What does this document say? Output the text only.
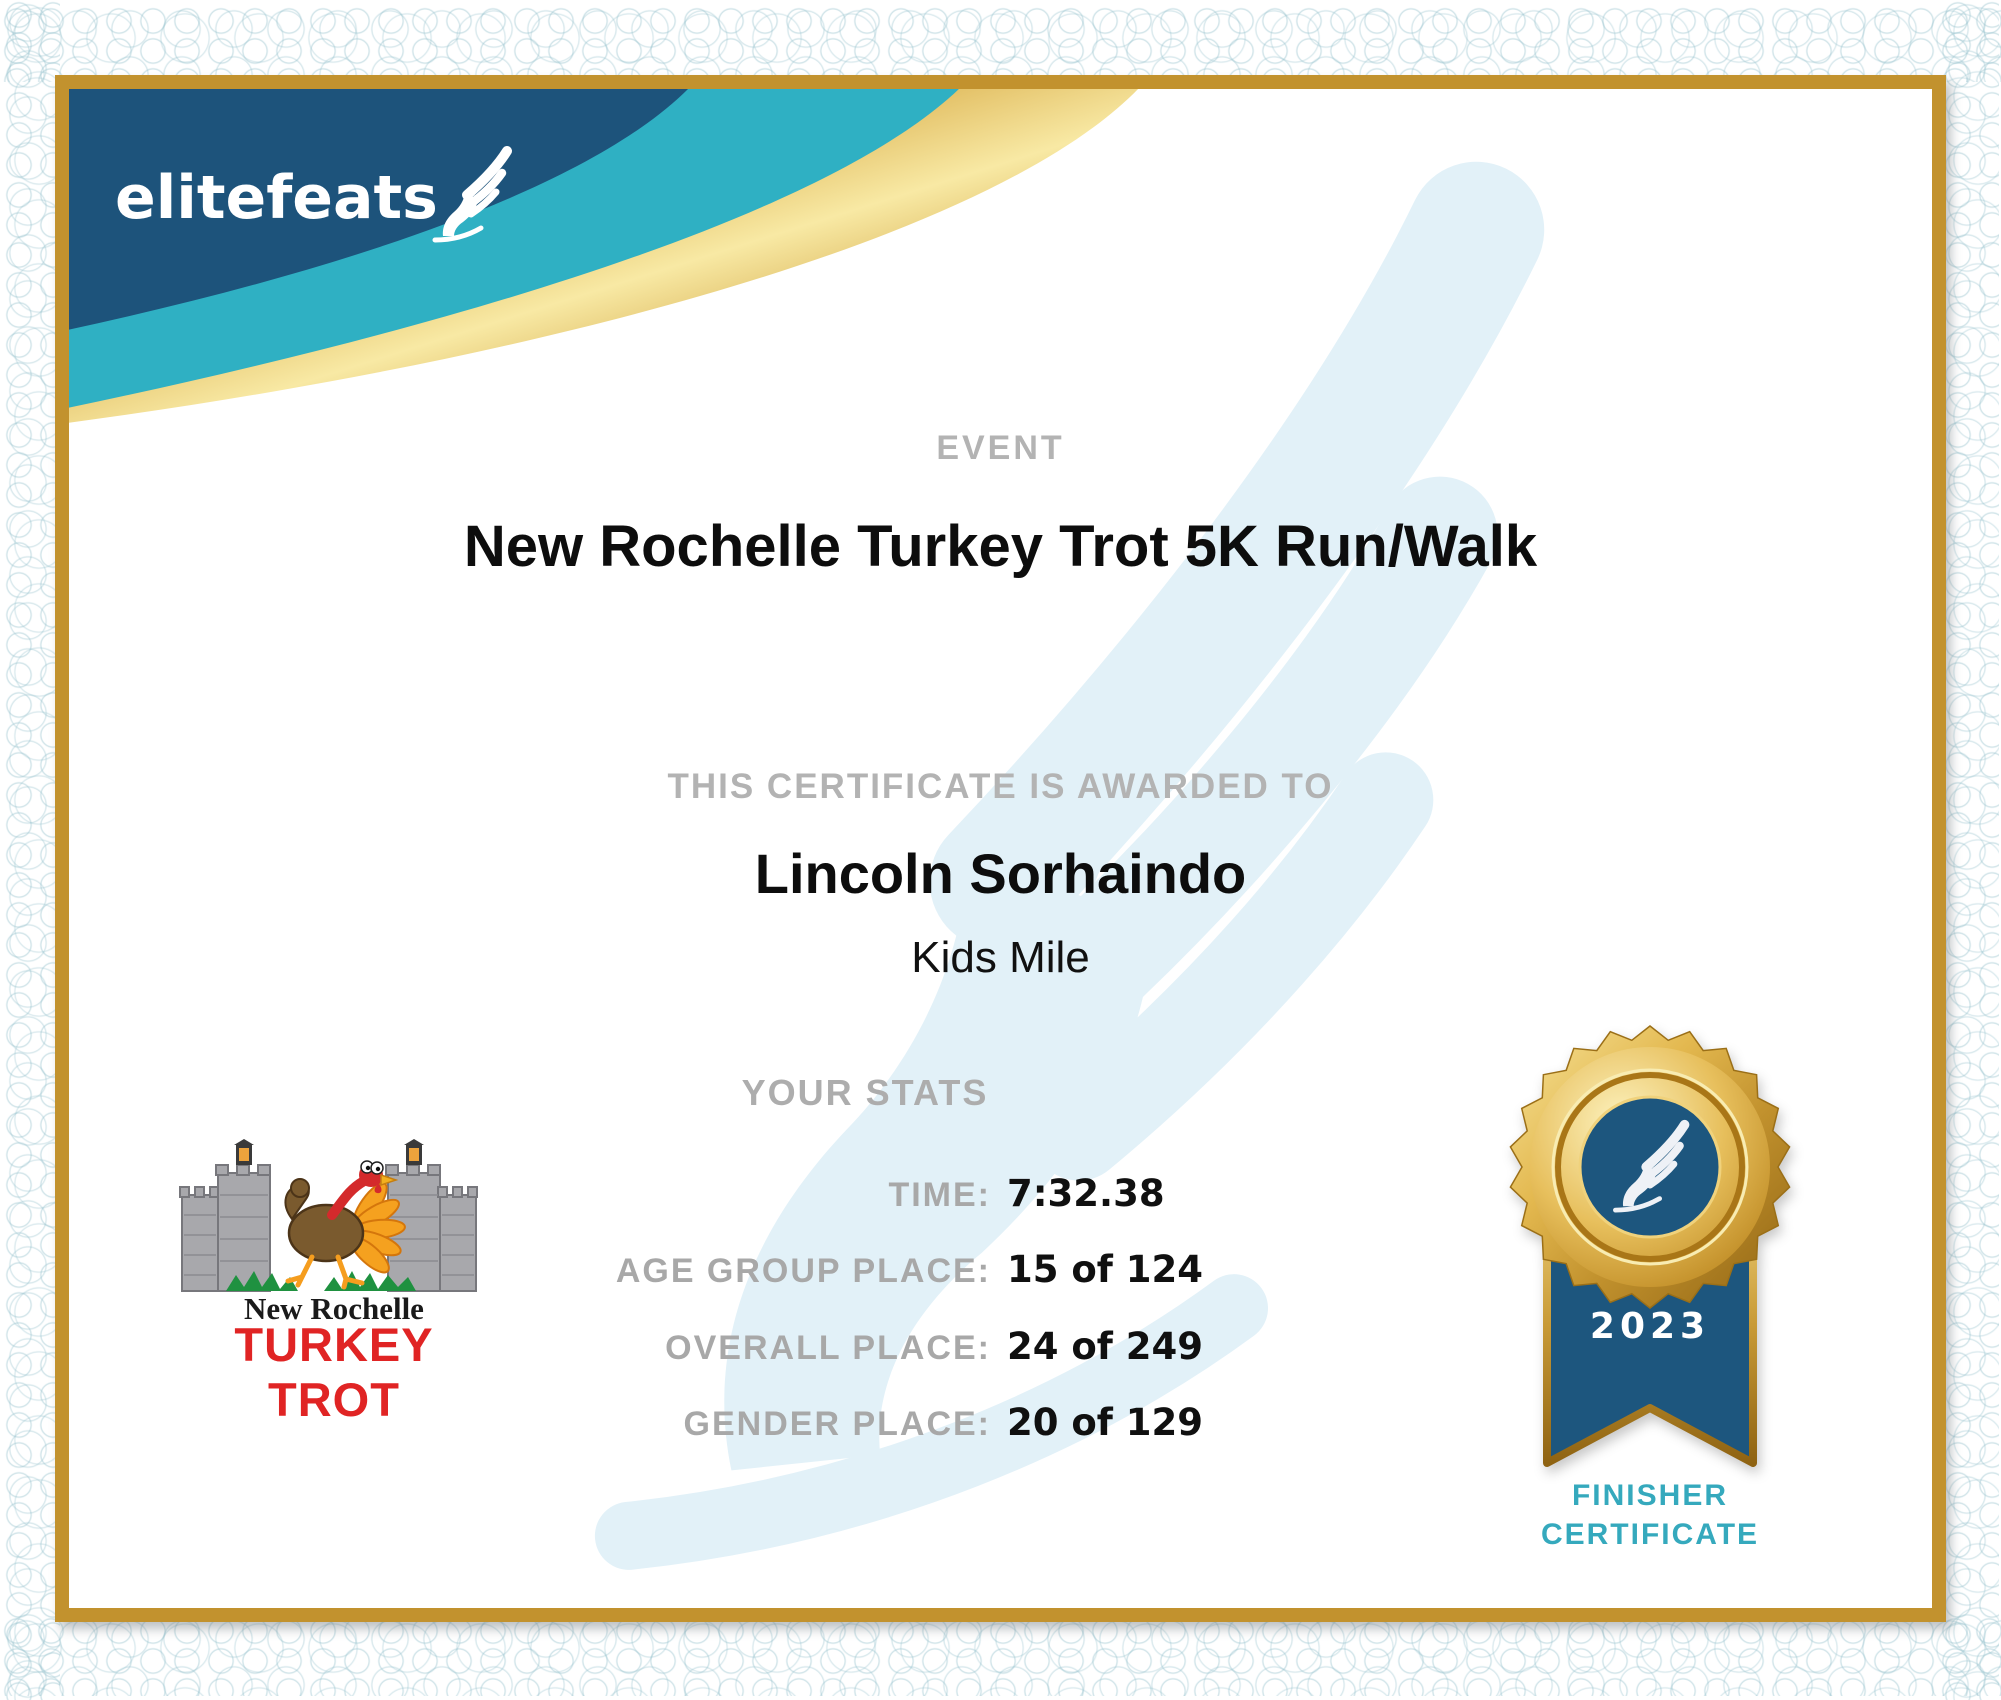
elitefeats
EVENT
New Rochelle Turkey Trot 5K Run/Walk
THIS CERTIFICATE IS AWARDED TO
Lincoln Sorhaindo
Kids Mile
YOUR STATS
TIME: 7:32.38
AGE GROUP PLACE: 15 of 124
OVERALL PLACE: 24 of 249
GENDER PLACE: 20 of 129
New Rochelle
TURKEY TROT
2023
FINISHER
CERTIFICATE
